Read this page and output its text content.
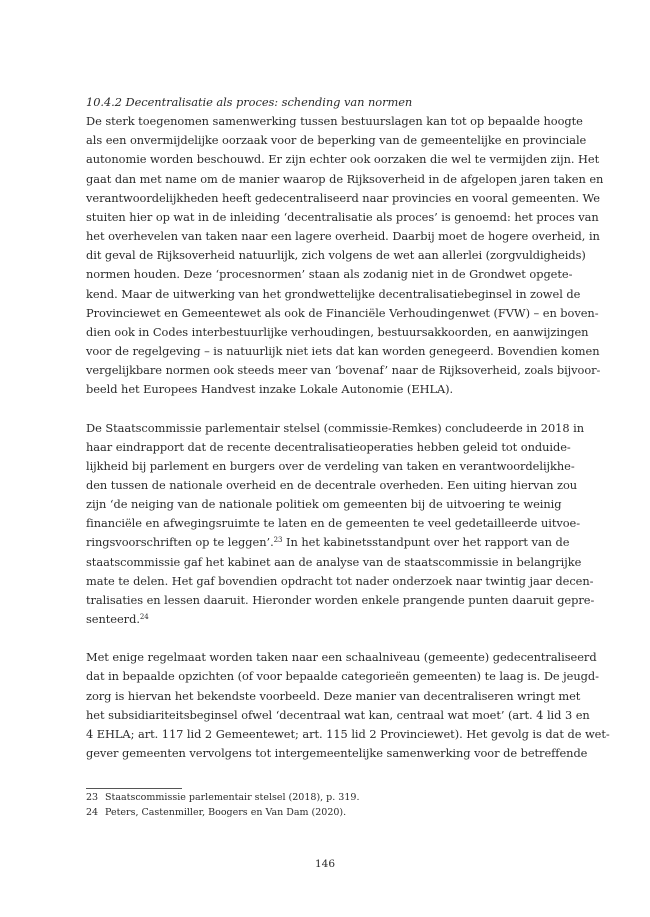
10.4.2 Decentralisatie als proces: schending van normen
De sterk toegenomen samenwerking tussen bestuurslagen kan tot op bepaalde hoogte
als een onvermijdelijke oorzaak voor de beperking van de gemeentelijke en provinciale
autonomie worden beschouwd. Er zijn echter ook oorzaken die wel te vermijden zijn. Het
gaat dan met name om de manier waarop de Rijksoverheid in de afgelopen jaren taken en
verantwoordelijkheden heeft gedecentraliseerd naar provincies en vooral gemeenten. We
stuiten hier op wat in de inleiding ‘decentralisatie als proces’ is genoemd: het proces van
het overhevelen van taken naar een lagere overheid. Daarbij moet de hogere overheid, in
dit geval de Rijksoverheid natuurlijk, zich volgens de wet aan allerlei (zorgvuldigheids)
normen houden. Deze ‘procesnormen’ staan als zodanig niet in de Grondwet opgete-
kend. Maar de uitwerking van het grondwettelijke decentralisatiebeginsel in zowel de
Provinciewet en Gemeentewet als ook de Financiële Verhoudingenwet (FVW) – en boven-
dien ook in Codes interbestuurlijke verhoudingen, bestuursakkoorden, en aanwijzingen
voor de regelgeving – is natuurlijk niet iets dat kan worden genegeerd. Bovendien komen
vergelijkbare normen ook steeds meer van ‘bovenaf’ naar de Rijksoverheid, zoals bijvoor-
beeld het Europees Handvest inzake Lokale Autonomie (EHLA).
De Staatscommissie parlementair stelsel (commissie-Remkes) concludeerde in 2018 in
haar eindrapport dat de recente decentralisatieoperaties hebben geleid tot onduide-
lijkheid bij parlement en burgers over de verdeling van taken en verantwoordelijkhe-
den tussen de nationale overheid en de decentrale overheden. Een uiting hiervan zou
zijn ‘de neiging van de nationale politiek om gemeenten bij de uitvoering te weinig
financiële en afwegingsruimte te laten en de gemeenten te veel gedetailleerde uitvoe-
ringsvoorschriften op te leggen’.$^{23}$ In het kabinetsstandpunt over het rapport van de
staatscommissie gaf het kabinet aan de analyse van de staatscommissie in belangrijke
mate te delen. Het gaf bovendien opdracht tot nader onderzoek naar twintig jaar decen-
tralisaties en lessen daaruit. Hieronder worden enkele prangende punten daaruit gepre-
senteerd.$^{24}$
Met enige regelmaat worden taken naar een schaalniveau (gemeente) gedecentraliseerd
dat in bepaalde opzichten (of voor bepaalde categorieën gemeenten) te laag is. De jeugd-
zorg is hiervan het bekendste voorbeeld. Deze manier van decentraliseren wringt met
het subsidiariteitsbeginsel ofwel ‘decentraal wat kan, centraal wat moet’ (art. 4 lid 3 en
4 EHLA; art. 117 lid 2 Gemeentewet; art. 115 lid 2 Provinciewet). Het gevolg is dat de wet-
gever gemeenten vervolgens tot intergemeentelijke samenwerking voor de betreffende
23 Staatscommissie parlementair stelsel (2018), p. 319.
24 Peters, Castenmiller, Boogers en Van Dam (2020).
146
